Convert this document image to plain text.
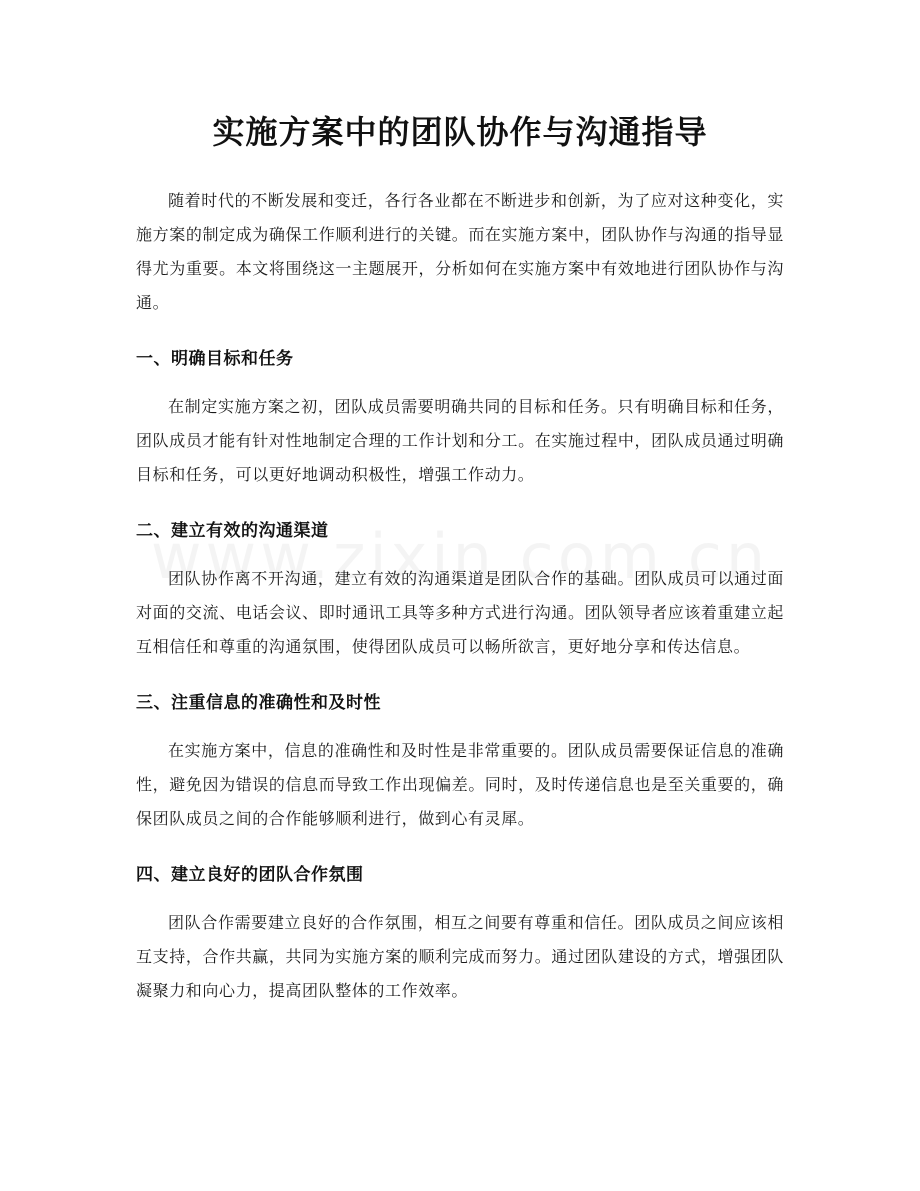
实施方案中的团队协作与沟通指导

随着时代的不断发展和变迁，各行各业都在不断进步和创新，为了应对这种变化，实施方案的制定成为确保工作顺利进行的关键。而在实施方案中，团队协作与沟通的指导显得尤为重要。本文将围绕这一主题展开，分析如何在实施方案中有效地进行团队协作与沟通。

一、明确目标和任务

在制定实施方案之初，团队成员需要明确共同的目标和任务。只有明确目标和任务，团队成员才能有针对性地制定合理的工作计划和分工。在实施过程中，团队成员通过明确目标和任务，可以更好地调动积极性，增强工作动力。

二、建立有效的沟通渠道

团队协作离不开沟通，建立有效的沟通渠道是团队合作的基础。团队成员可以通过面对面的交流、电话会议、即时通讯工具等多种方式进行沟通。团队领导者应该着重建立起互相信任和尊重的沟通氛围，使得团队成员可以畅所欲言，更好地分享和传达信息。

三、注重信息的准确性和及时性

在实施方案中，信息的准确性和及时性是非常重要的。团队成员需要保证信息的准确性，避免因为错误的信息而导致工作出现偏差。同时，及时传递信息也是至关重要的，确保团队成员之间的合作能够顺利进行，做到心有灵犀。

四、建立良好的团队合作氛围

团队合作需要建立良好的合作氛围，相互之间要有尊重和信任。团队成员之间应该相互支持，合作共赢，共同为实施方案的顺利完成而努力。通过团队建设的方式，增强团队凝聚力和向心力，提高团队整体的工作效率。
